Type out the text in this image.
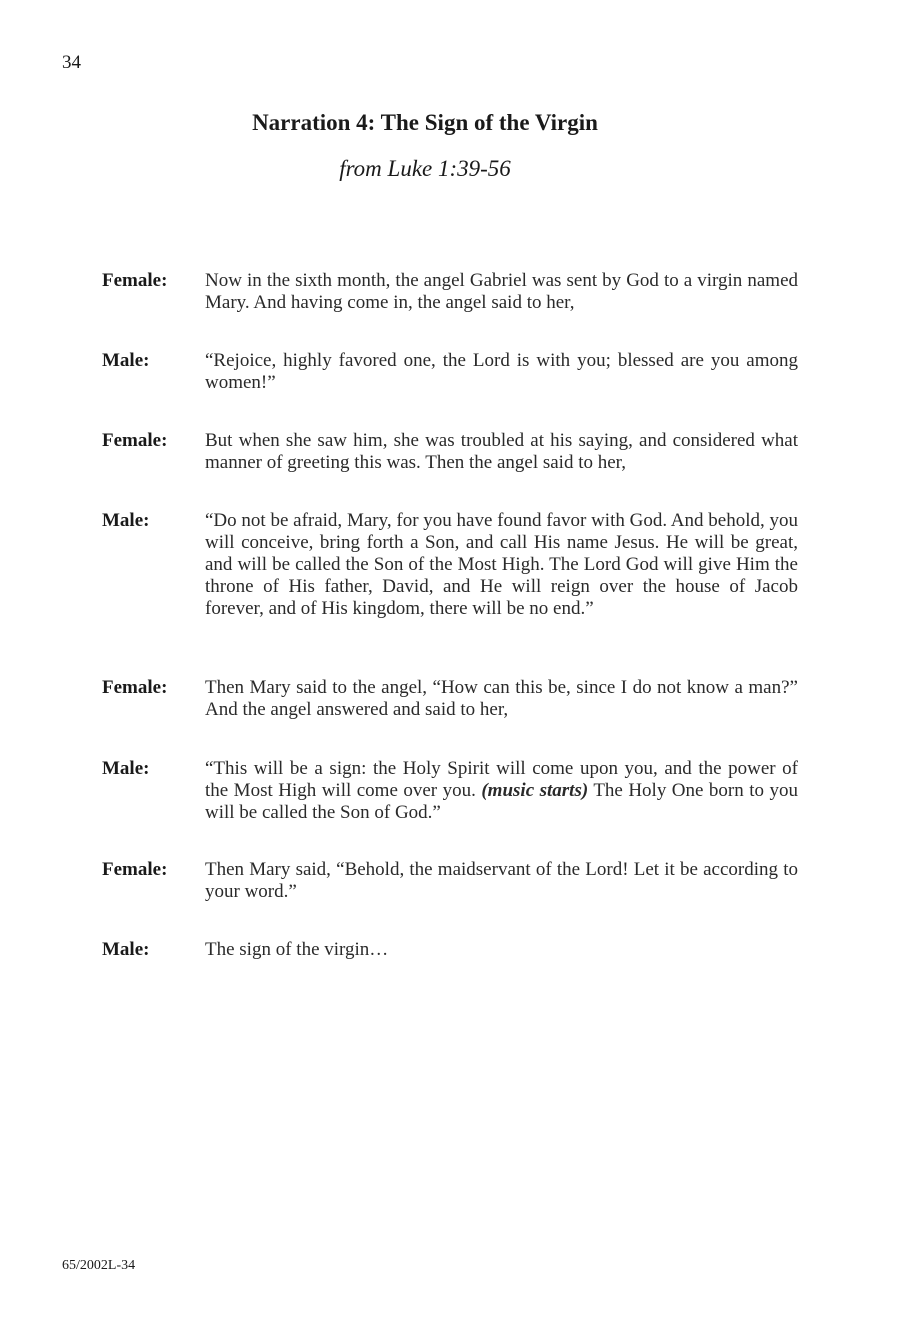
34
Narration 4: The Sign of the Virgin
from Luke 1:39-56
Female: Now in the sixth month, the angel Gabriel was sent by God to a virgin named Mary. And having come in, the angel said to her,
Male:	“Rejoice, highly favored one, the Lord is with you; blessed are you among women!”
Female: But when she saw him, she was troubled at his saying, and considered what manner of greeting this was. Then the angel said to her,
Male:	“Do not be afraid, Mary, for you have found favor with God. And behold, you will conceive, bring forth a Son, and call His name Jesus. He will be great, and will be called the Son of the Most High. The Lord God will give Him the throne of His father, David, and He will reign over the house of Jacob forever, and of His kingdom, there will be no end.”
Female: Then Mary said to the angel, “How can this be, since I do not know a man?” And the angel answered and said to her,
Male:	“This will be a sign: the Holy Spirit will come upon you, and the power of the Most High will come over you. (music starts) The Holy One born to you will be called the Son of God.”
Female: Then Mary said, “Behold, the maidservant of the Lord! Let it be according to your word.”
Male:	The sign of the virgin…
65/2002L-34
